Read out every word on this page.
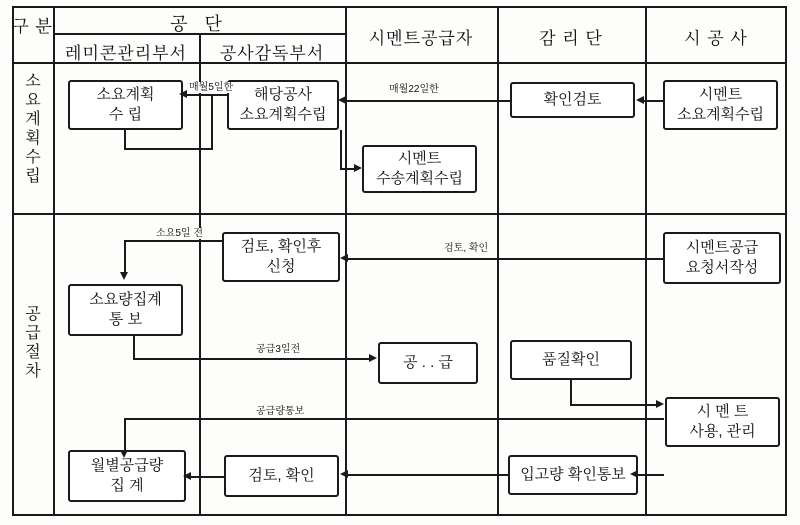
구 분	공 단
레미콘관리부서	공사감독부서
시멘트공급자	감 리 단	시 공 사
소요계획수립
공급절차
소요계획
수 립
해당공사
소요계획수립
확인검토	시멘트
소요계획수립
시멘트
수송계획수립
매월22일한
매월5일한
검토, 확인후
신청
시멘트공급
요청서작성
소요량집계
통 보
공 . . 급	품질확인
시 멘 트
사용, 관리
월별공급량
집 계
검토, 확인	입고량 확인통보
검토, 확인
소요5일 전
공급3일전
공급량통보
